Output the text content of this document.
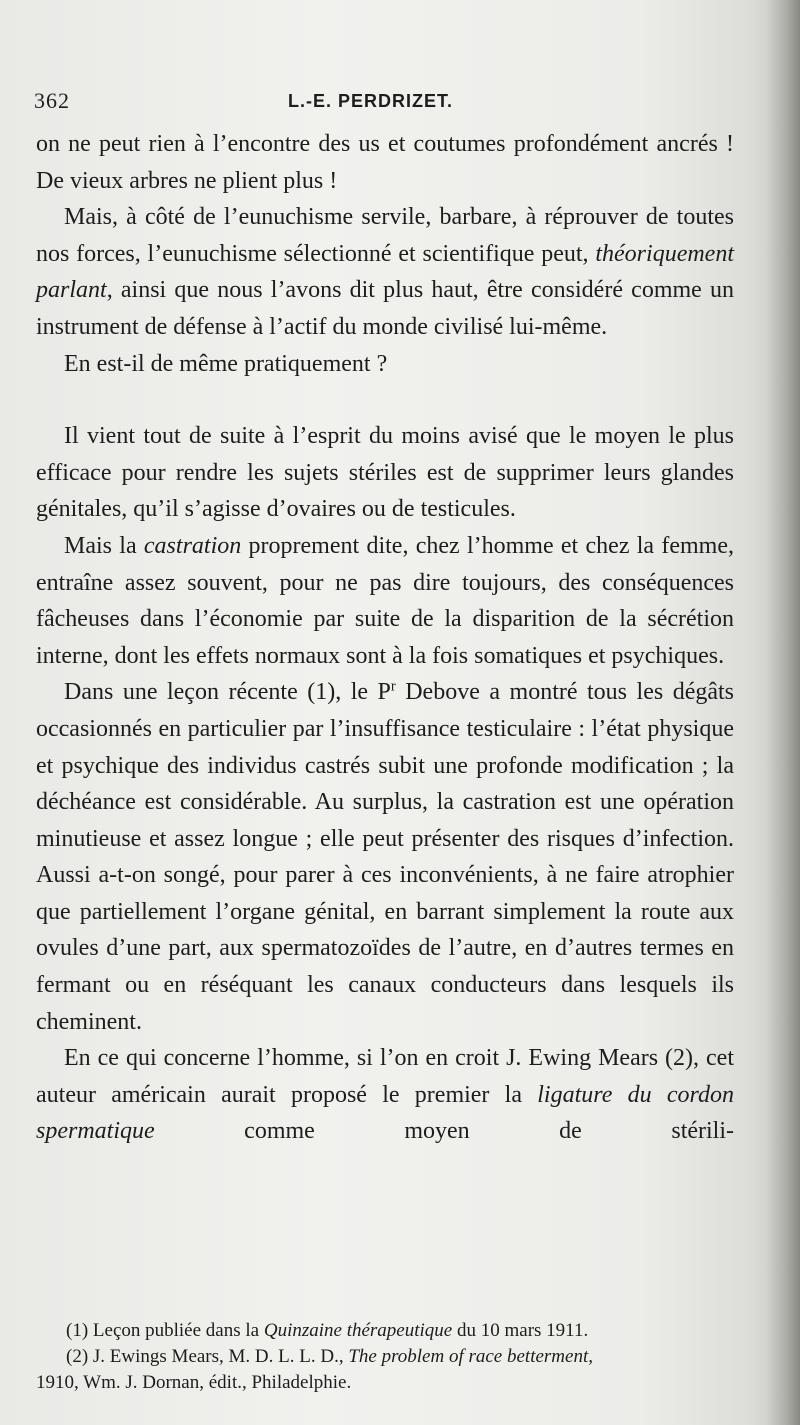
362	L.-E. PERDRIZET.

on ne peut rien à l’encontre des us et coutumes profondément ancrés ! De vieux arbres ne plient plus !

Mais, à côté de l’eunuchisme servile, barbare, à réprouver de toutes nos forces, l’eunuchisme sélectionné et scientifique peut, théoriquement parlant, ainsi que nous l’avons dit plus haut, être considéré comme un instrument de défense à l’actif du monde civilisé lui-même.

En est-il de même pratiquement ?

Il vient tout de suite à l’esprit du moins avisé que le moyen le plus efficace pour rendre les sujets stériles est de supprimer leurs glandes génitales, qu’il s’agisse d’ovaires ou de testicules.

Mais la castration proprement dite, chez l’homme et chez la femme, entraîne assez souvent, pour ne pas dire toujours, des conséquences fâcheuses dans l’économie par suite de la disparition de la sécrétion interne, dont les effets normaux sont à la fois somatiques et psychiques.

Dans une leçon récente (1), le $P^r$ Debove a montré tous les dégâts occasionnés en particulier par l’insuffisance testiculaire : l’état physique et psychique des individus castrés subit une profonde modification ; la déchéance est considérable. Au surplus, la castration est une opération minutieuse et assez longue ; elle peut présenter des risques d’infection. Aussi a-t-on songé, pour parer à ces inconvénients, à ne faire atrophier que partiellement l’organe génital, en barrant simplement la route aux ovules d’une part, aux spermatozoïdes de l’autre, en d’autres termes en fermant ou en réséquant les canaux conducteurs dans lesquels ils cheminent.

En ce qui concerne l’homme, si l’on en croit J. Ewing Mears (2), cet auteur américain aurait proposé le premier la ligature du cordon spermatique comme moyen de stérili-

(1) Leçon publiée dans la Quinzaine thérapeutique du 10 mars 1911.

(2) J. Ewings Mears, M. D. L. L. D., The problem of race betterment,

1910, Wm. J. Dornan, édit., Philadelphie.
